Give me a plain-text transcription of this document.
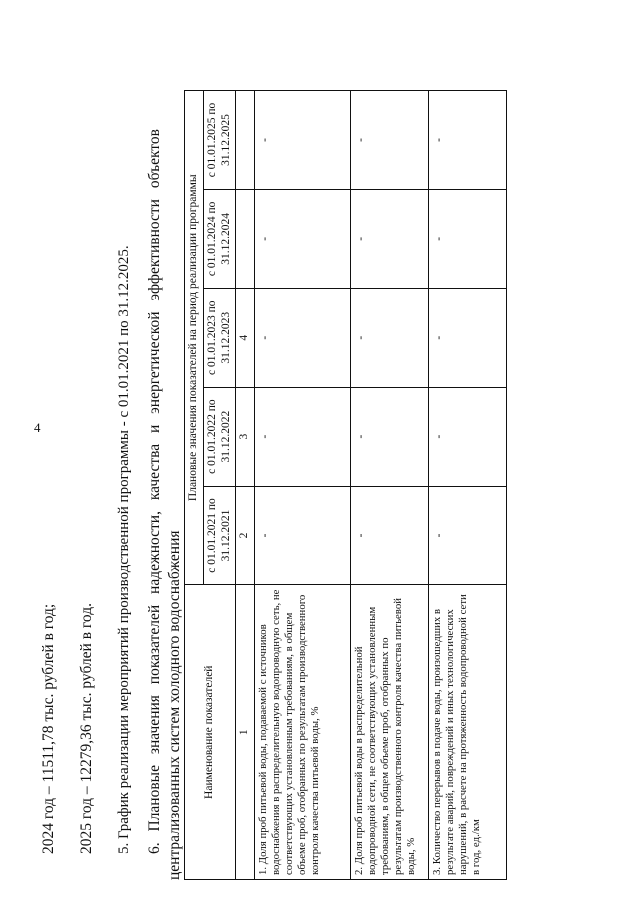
4
2024 год – 11511,78 тыс. рублей в год; 2025 год – 12279,36 тыс. рублей в год. 5. График реализации мероприятий производственной программы - с 01.01.2021 по 31.12.2025. 6. Плановые значения показателей надежности, качества и энергетической эффективности объектов централизованных систем холодного водоснабжения Наименование показателей	Плановые значения показателей на период реализации программы				
	с 01.01.2021 по 31.12.2021	с 01.01.2022 по 31.12.2022	с 01.01.2023 по 31.12.2023	с 01.01.2024 по 31.12.2024	с 01.01.2025 по 31.12.2025
1	2	3	4		
1. Доля проб питьевой воды, подаваемой с источников водоснабжения в распределительную водопроводную сеть, не соответствующих установленным требованиям, в общем объеме проб, отобранных по результатам производственного контроля качества питьевой воды, %	-	-	-	-	-
2. Доля проб питьевой воды в распределительной водопроводной сети, не соответствующих установленным требованиям, в общем объеме проб, отобранных по результатам производственного контроля качества питьевой воды, %	-	-	-	-	-
3. Количество перерывов в подаче воды, произошедших в результате аварий, повреждений и иных технологических нарушений, в расчете на протяженность водопроводной сети в год, ед./км	-	-	-	-	-
